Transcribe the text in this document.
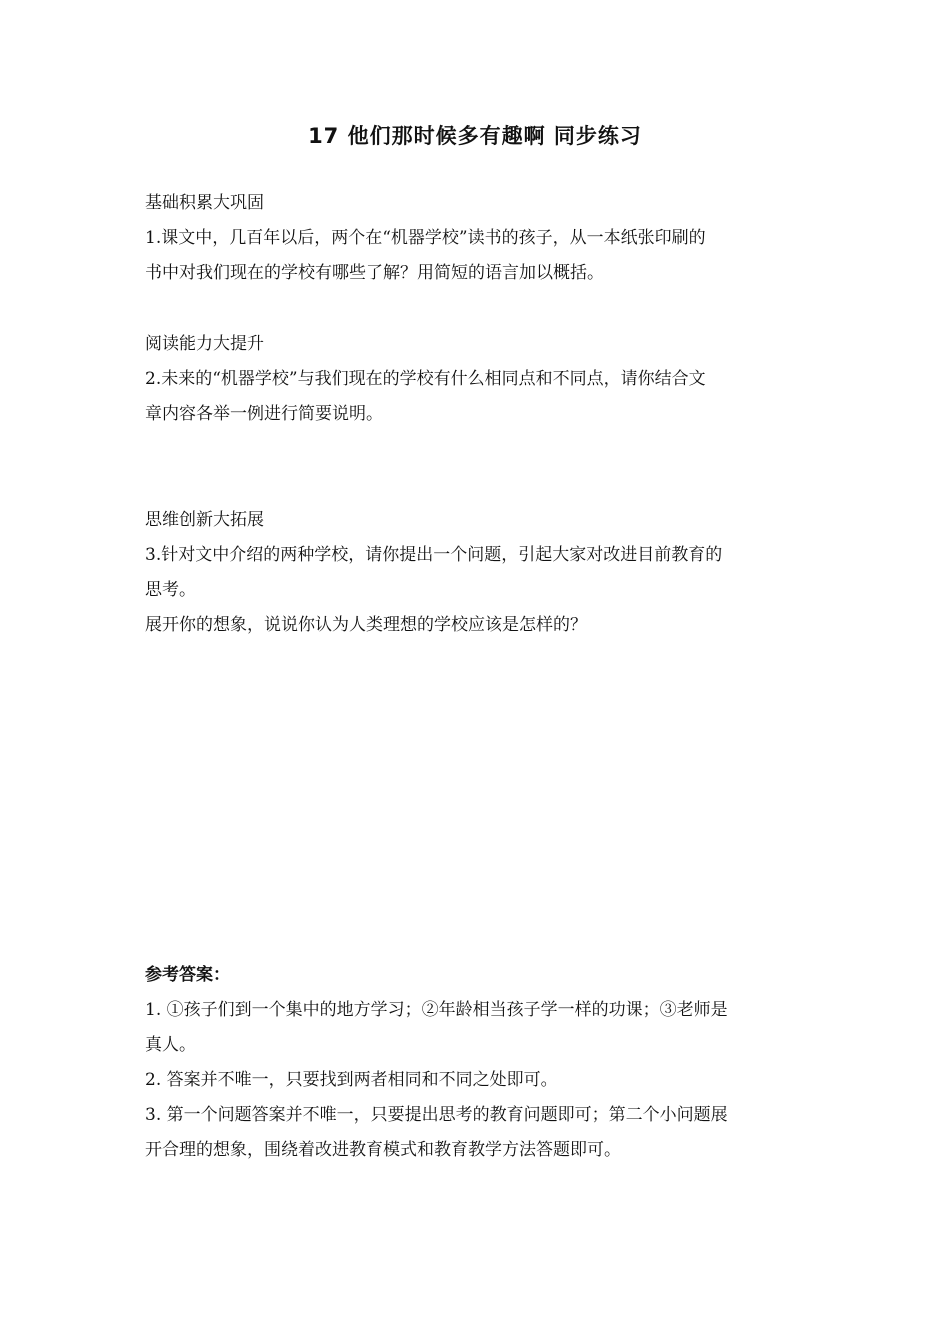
17 他们那时候多有趣啊 同步练习
基础积累大巩固
1.课文中，几百年以后，两个在“机器学校”读书的孩子，从一本纸张印刷的
书中对我们现在的学校有哪些了解？用简短的语言加以概括。
阅读能力大提升
2.未来的“机器学校”与我们现在的学校有什么相同点和不同点，请你结合文
章内容各举一例进行简要说明。
思维创新大拓展
3.针对文中介绍的两种学校，请你提出一个问题，引起大家对改进目前教育的
思考。
展开你的想象，说说你认为人类理想的学校应该是怎样的？
参考答案：
1. ①孩子们到一个集中的地方学习；②年龄相当孩子学一样的功课；③老师是
真人。
2. 答案并不唯一，只要找到两者相同和不同之处即可。
3. 第一个问题答案并不唯一，只要提出思考的教育问题即可；第二个小问题展
开合理的想象，围绕着改进教育模式和教育教学方法答题即可。
